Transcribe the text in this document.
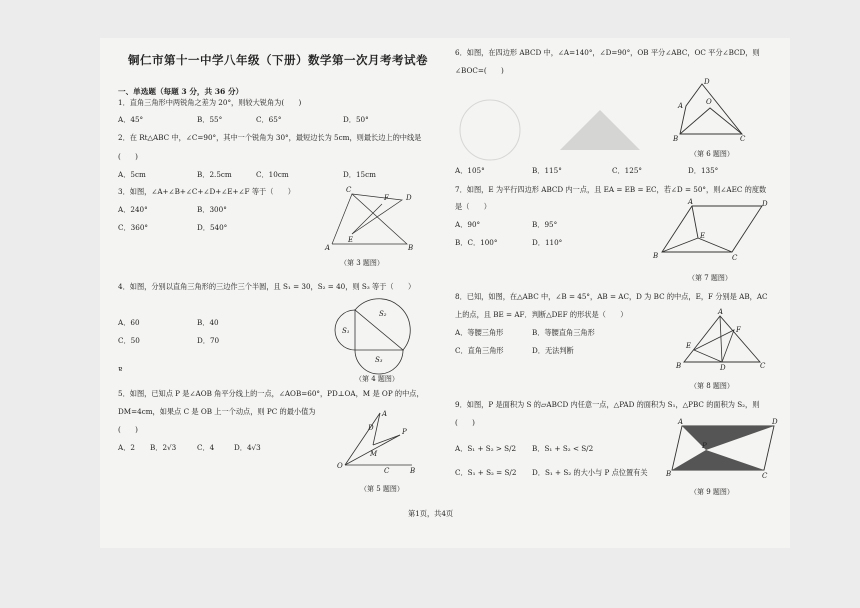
铜仁市第十一中学八年级（下册）数学第一次月考考试卷
一、单选题（每题 3 分，共 36 分）
1．直角三角形中两锐角之差为 20°，则较大锐角为(　　)
A．45°	B．55°	C．65°	D．50°
2．在 Rt△ABC 中，∠C=90°，其中一个锐角为 30°，最短边长为 5cm，则最长边上的中线是
(　　)
A．5cm	B．2.5cm	C．10cm	D．15cm
3．如图，∠A+∠B+∠C+∠D+∠E+∠F 等于（　　）
A．240°	B．300°
C．360°	D．540°
C
F D
E
A	B
（第 3 题图）
4．如图，分别以直角三角形的三边作三个半圆，且 S₁ = 30，S₂ = 40，则 S₃ 等于（　　）
A．60	B．40
C．50	D．70
ɐ
S₁
S₂
S₃
（第 4 题图）
5．如图，已知点 P 是∠AOB 角平分线上的一点，∠AOB=60°，PD⊥OA，M 是 OP 的中点，
DM=4cm，如果点 C 是 OB 上一个动点，则 PC 的最小值为
(　　)
A．2 B．2√3	C．4	D．4√3
A
D	P
M
O
C	B
（第 5 题图）
6．如图，在四边形 ABCD 中，∠A=140°，∠D=90°，OB 平分∠ABC，OC 平分∠BCD，则
∠BOC=(　　)
D
A	O
B	C
（第 6 题图）
A．105°	B．115°	C．125°	D．135°
7．如图，E 为平行四边形 ABCD 内一点，且 EA = EB = EC，若∠D = 50°，则∠AEC 的度数
是（　　）
A．90°	B．95°
B．C．100°	D．110°
A	D
E
B	C
（第 7 题图）
8．已知，如图，在△ABC 中，∠B = 45°，AB = AC，D 为 BC 的中点，E，F 分别是 AB，AC
上的点，且 BE = AF．判断△DEF 的形状是（　　）
A．等腰三角形	B．等腰直角三角形
C．直角三角形	D．无法判断
A
F
E
B	D	C
（第 8 题图）
9．如图，P 是面积为 S 的▱ABCD 内任意一点，△PAD 的面积为 S₁，△PBC 的面积为 S₂，则
(　　)
A．S₁ + S₂ > S/2 B．S₁ + S₂ < S/2
C．S₁ + S₂ = S/2 D．S₁ + S₂ 的大小与 P 点位置有关
A	D
P
B	C
（第 9 题图）
第1页，共4页
